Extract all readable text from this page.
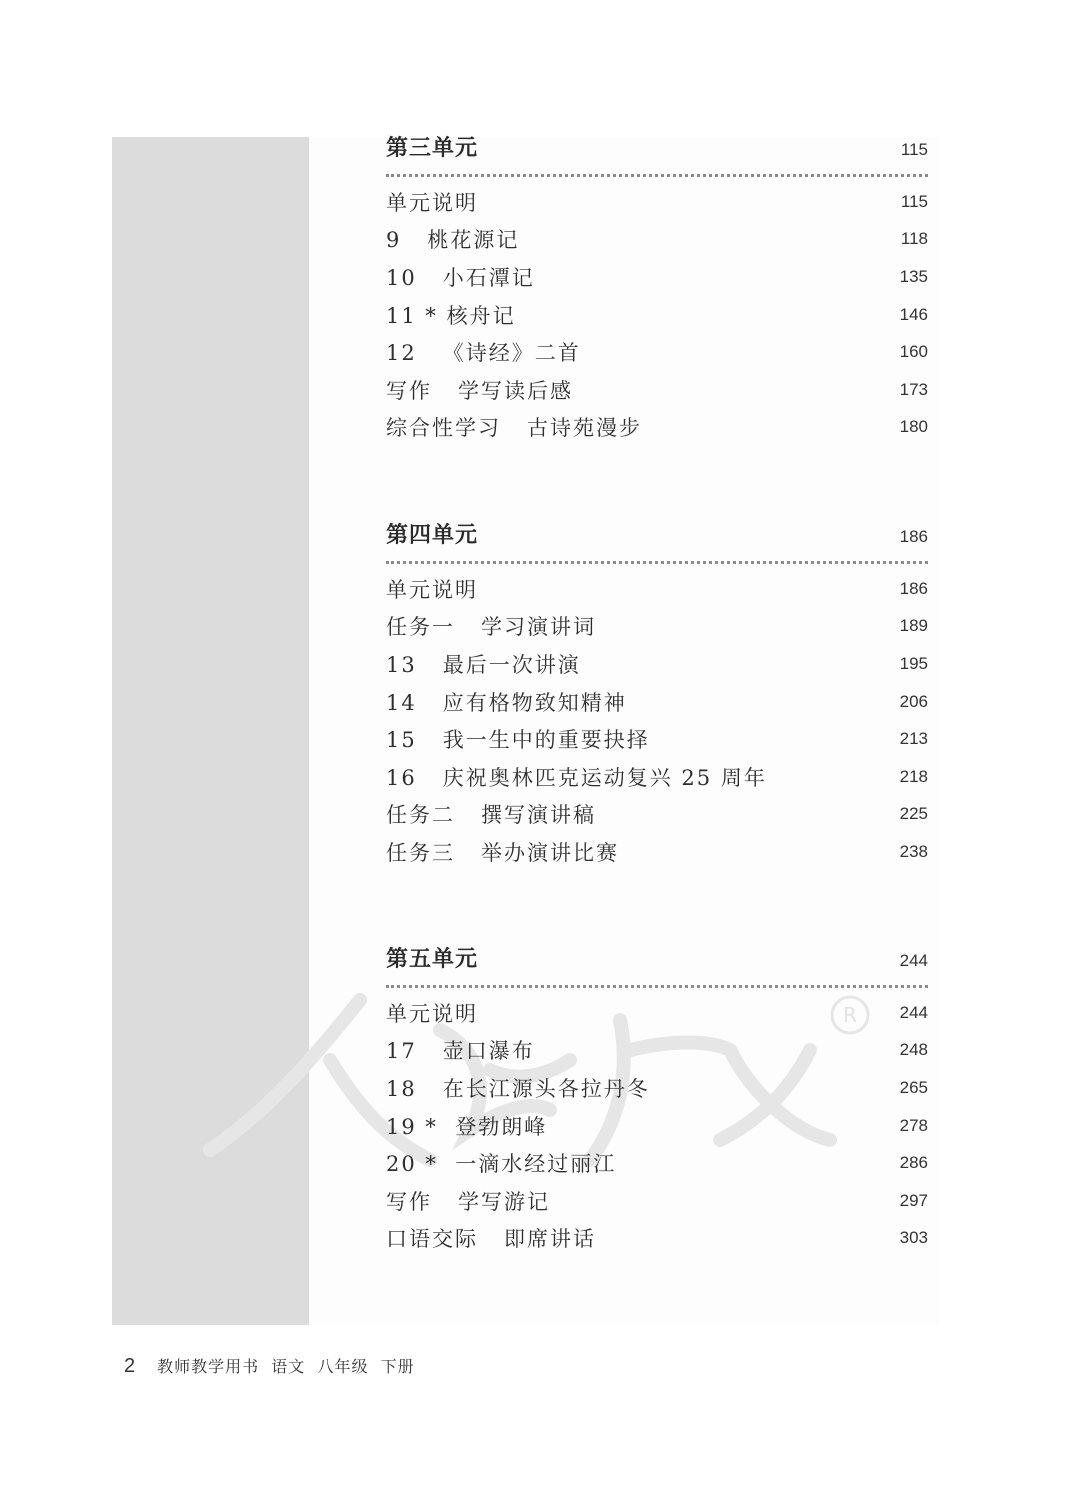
R
第三单元	115
单元说明	115
9   桃花源记	118
10   小石潭记	135
11 * 核舟记	146
12   《诗经》二首	160
写作   学写读后感	173
综合性学习   古诗苑漫步	180
第四单元	186
单元说明	186
任务一   学习演讲词	189
13   最后一次讲演	195
14   应有格物致知精神	206
15   我一生中的重要抉择	213
16   庆祝奥林匹克运动复兴 25 周年	218
任务二   撰写演讲稿	225
任务三   举办演讲比赛	238
第五单元	244
单元说明	244
17   壶口瀑布	248
18   在长江源头各拉丹冬	265
19 *  登勃朗峰	278
20 *  一滴水经过丽江	286
写作   学写游记	297
口语交际   即席讲话	303
2 教师教学用书  语文  八年级  下册
